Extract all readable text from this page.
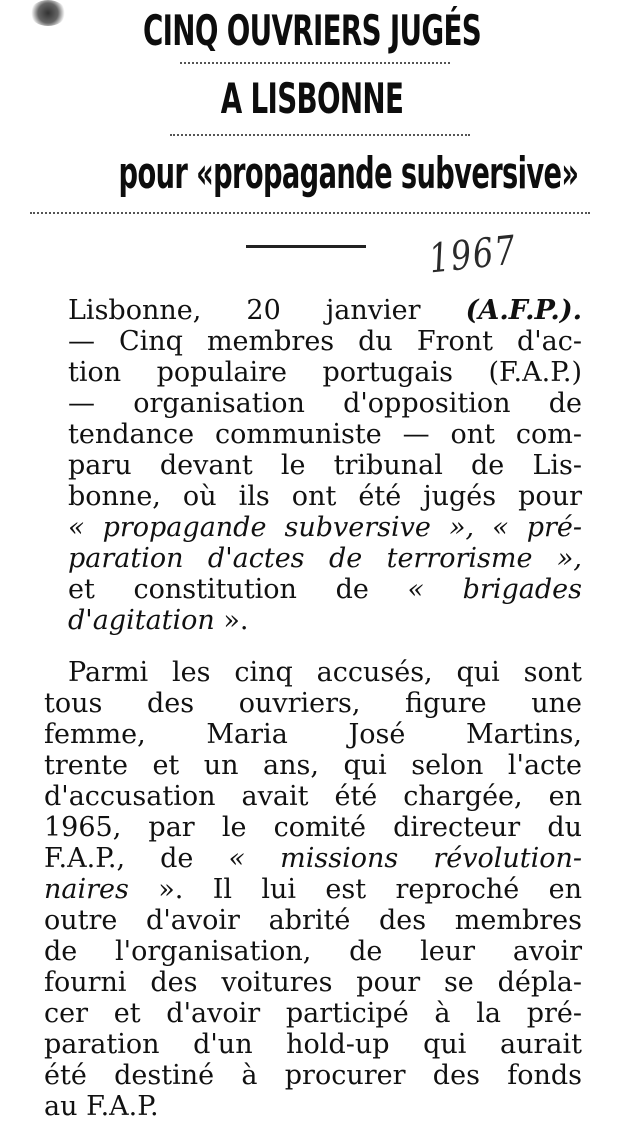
CINQ OUVRIERS JUGÉS
A LISBONNE
pour «propagande subversive»
1967
Lisbonne, 20 janvier (A.F.P.).
— Cinq membres du Front d'ac-
tion populaire portugais (F.A.P.)
— organisation d'opposition de
tendance communiste — ont com-
paru devant le tribunal de Lis-
bonne, où ils ont été jugés pour
« propagande subversive », « pré-
paration d'actes de terrorisme »,
et constitution de « brigades
d'agitation ».
Parmi les cinq accusés, qui sont
tous des ouvriers, figure une
femme, Maria José Martins,
trente et un ans, qui selon l'acte
d'accusation avait été chargée, en
1965, par le comité directeur du
F.A.P., de « missions révolution-
naires ». Il lui est reproché en
outre d'avoir abrité des membres
de l'organisation, de leur avoir
fourni des voitures pour se dépla-
cer et d'avoir participé à la pré-
paration d'un hold-up qui aurait
été destiné à procurer des fonds
au F.A.P.
